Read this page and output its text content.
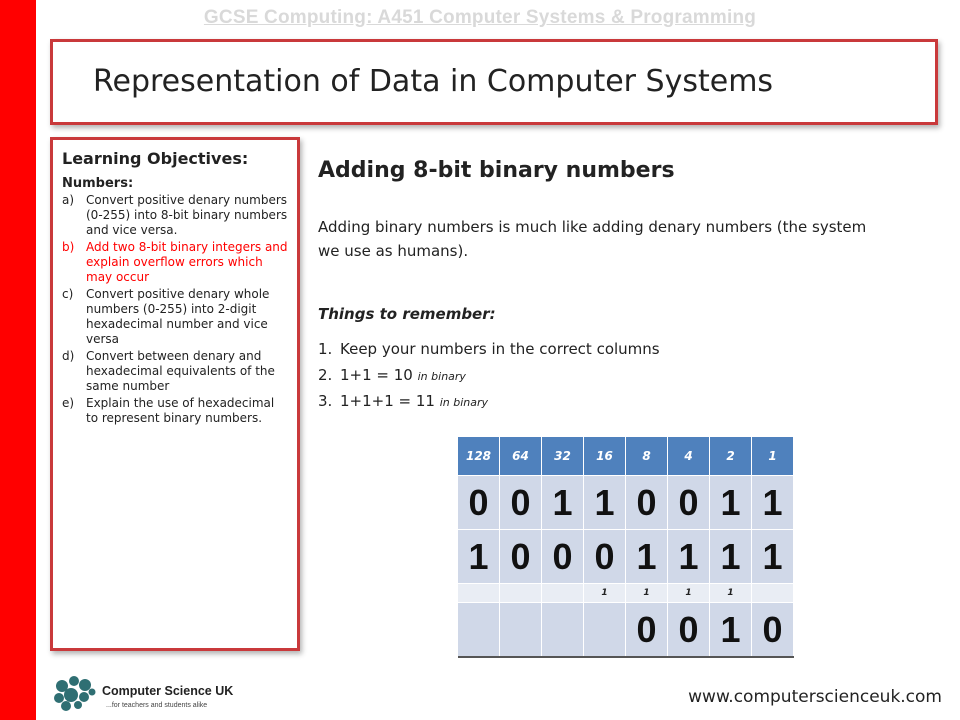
GCSE Computing: A451 Computer Systems & Programming
Representation of Data in Computer Systems
Learning Objectives:
Numbers:
a) Convert positive denary numbers (0-255) into 8-bit binary numbers and vice versa.
b) Add two 8-bit binary integers and explain overflow errors which may occur
c) Convert positive denary whole numbers (0-255) into 2-digit hexadecimal number and vice versa
d) Convert between denary and hexadecimal equivalents of the same number
e) Explain the use of hexadecimal to represent binary numbers.
Adding 8-bit binary numbers
Adding binary numbers is much like adding denary numbers (the system we use as humans).
Things to remember:
1. Keep your numbers in the correct columns
2. 1+1 = 10 in binary
3. 1+1+1 = 11 in binary
128	64	32	16	8	4	2	1
0	0	1	1	0	0	1	1
1	0	0	0	1	1	1	1
			1	1	1	1	
				0	0	1	0
Computer Science UK
...for teachers and students alike	www.computerscienceuk.com
